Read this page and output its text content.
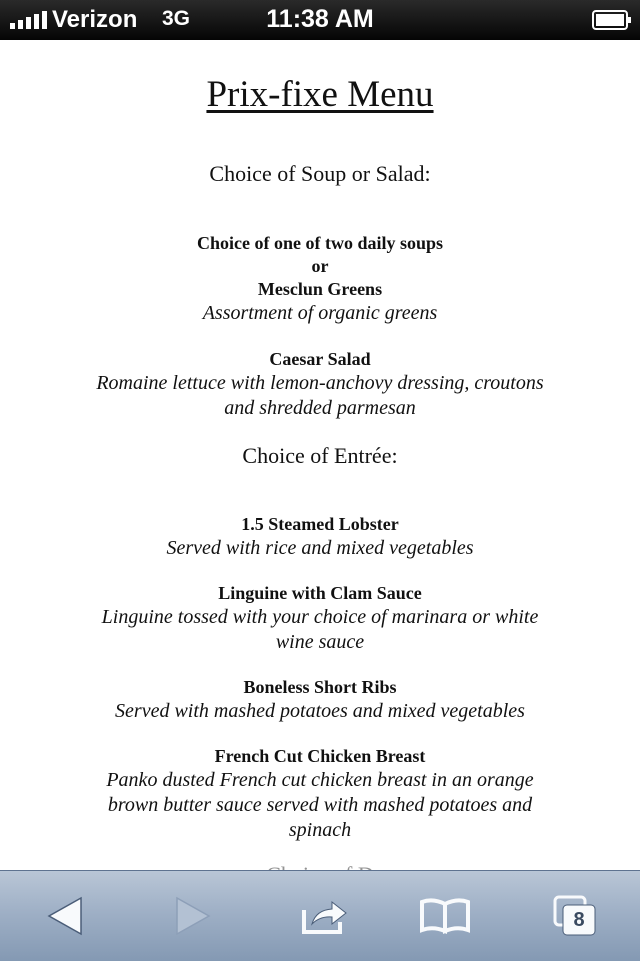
Verizon 3G	11:38 AM
Prix-fixe Menu
Choice of Soup or Salad:
Choice of one of two daily soups
or
Mesclun Greens
Assortment of organic greens
Caesar Salad
Romaine lettuce with lemon-anchovy dressing, croutons
and shredded parmesan
Choice of Entrée:
1.5 Steamed Lobster
Served with rice and mixed vegetables
Linguine with Clam Sauce
Linguine tossed with your choice of marinara or white
wine sauce
Boneless Short Ribs
Served with mashed potatoes and mixed vegetables
French Cut Chicken Breast
Panko dusted French cut chicken breast in an orange
brown butter sauce served with mashed potatoes and
spinach
8
